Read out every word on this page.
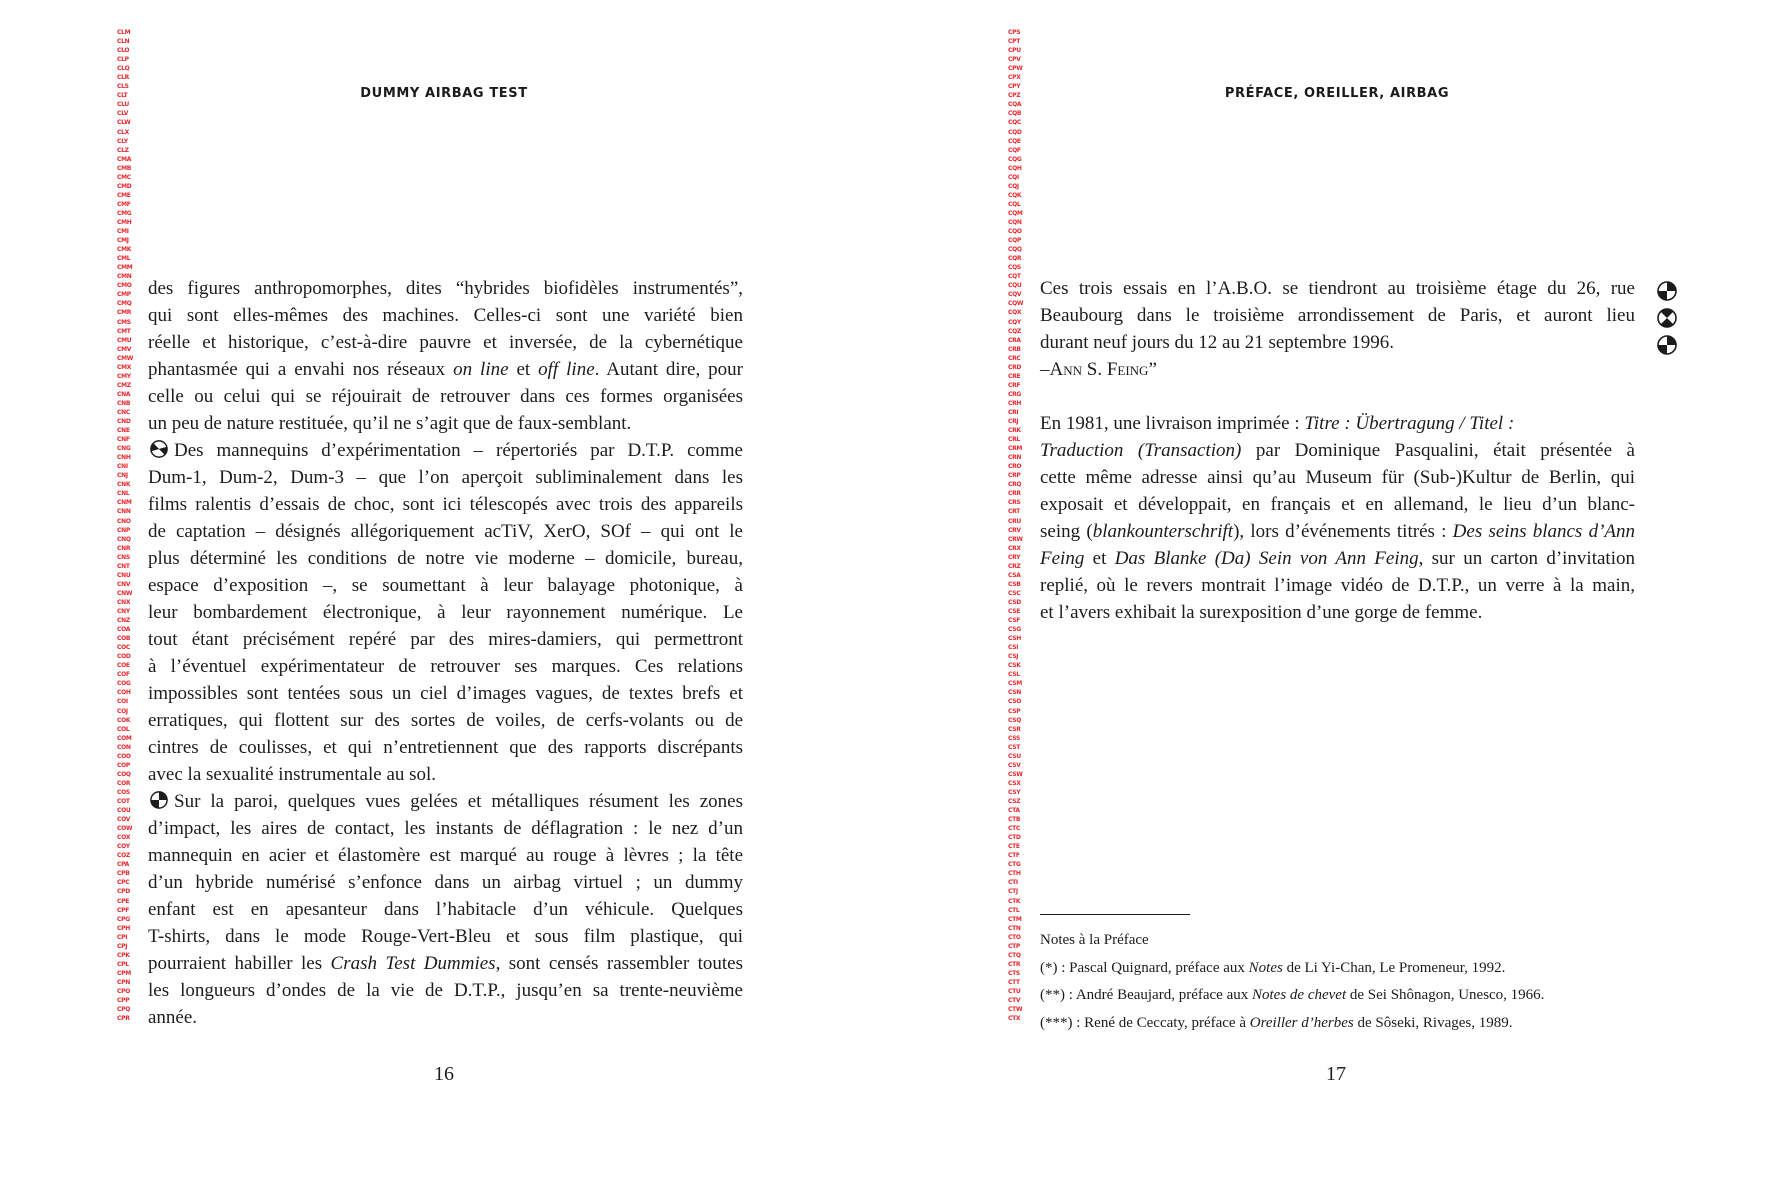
CLM
CLN
CLO
CLP
CLQ
CLR
CLS
CLT
CLU
CLV
CLW
CLX
CLY
CLZ
CMA
CMB
CMC
CMD
CME
CMF
CMG
CMH
CMI
CMJ
CMK
CML
CMM
CMN
CMO
CMP
CMQ
CMR
CMS
CMT
CMU
CMV
CMW
CMX
CMY
CMZ
CNA
CNB
CNC
CND
CNE
CNF
CNG
CNH
CNI
CNJ
CNK
CNL
CNM
CNN
CNO
CNP
CNQ
CNR
CNS
CNT
CNU
CNV
CNW
CNX
CNY
CNZ
COA
COB
COC
COD
COE
COF
COG
COH
COI
COJ
COK
COL
COM
CON
COO
COP
COQ
COR
COS
COT
COU
COV
COW
COX
COY
COZ
CPA
CPB
CPC
CPD
CPE
CPF
CPG
CPH
CPI
CPJ
CPK
CPL
CPM
CPN
CPO
CPP
CPQ
CPR
DUMMY AIRBAG TEST
des figures anthropomorphes, dites “hybrides biofidèles instrumentés”,
qui sont elles-mêmes des machines. Celles-ci sont une variété bien
réelle et historique, c’est-à-dire pauvre et inversée, de la cybernétique
phantasmée qui a envahi nos réseaux on line et off line. Autant dire, pour
celle ou celui qui se réjouirait de retrouver dans ces formes organisées
un peu de nature restituée, qu’il ne s’agit que de faux-semblant.
Des mannequins d’expérimentation – répertoriés par D.T.P. comme
Dum-1, Dum-2, Dum-3 – que l’on aperçoit subliminalement dans les
films ralentis d’essais de choc, sont ici télescopés avec trois des appareils
de captation – désignés allégoriquement acTiV, XerO, SOf – qui ont le
plus déterminé les conditions de notre vie moderne – domicile, bureau,
espace d’exposition –, se soumettant à leur balayage photonique, à
leur bombardement électronique, à leur rayonnement numérique. Le
tout étant précisément repéré par des mires-damiers, qui permettront
à l’éventuel expérimentateur de retrouver ses marques. Ces relations
impossibles sont tentées sous un ciel d’images vagues, de textes brefs et
erratiques, qui flottent sur des sortes de voiles, de cerfs-volants ou de
cintres de coulisses, et qui n’entretiennent que des rapports discrépants
avec la sexualité instrumentale au sol.
Sur la paroi, quelques vues gelées et métalliques résument les zones
d’impact, les aires de contact, les instants de déflagration : le nez d’un
mannequin en acier et élastomère est marqué au rouge à lèvres ; la tête
d’un hybride numérisé s’enfonce dans un airbag virtuel ; un dummy
enfant est en apesanteur dans l’habitacle d’un véhicule. Quelques
T-shirts, dans le mode Rouge-Vert-Bleu et sous film plastique, qui
pourraient habiller les Crash Test Dummies, sont censés rassembler toutes
les longueurs d’ondes de la vie de D.T.P., jusqu’en sa trente-neuvième
année.
16
CPS
CPT
CPU
CPV
CPW
CPX
CPY
CPZ
CQA
CQB
CQC
CQD
CQE
CQF
CQG
CQH
CQI
CQJ
CQK
CQL
CQM
CQN
CQO
CQP
CQQ
CQR
CQS
CQT
CQU
CQV
CQW
CQX
CQY
CQZ
CRA
CRB
CRC
CRD
CRE
CRF
CRG
CRH
CRI
CRJ
CRK
CRL
CRM
CRN
CRO
CRP
CRQ
CRR
CRS
CRT
CRU
CRV
CRW
CRX
CRY
CRZ
CSA
CSB
CSC
CSD
CSE
CSF
CSG
CSH
CSI
CSJ
CSK
CSL
CSM
CSN
CSO
CSP
CSQ
CSR
CSS
CST
CSU
CSV
CSW
CSX
CSY
CSZ
CTA
CTB
CTC
CTD
CTE
CTF
CTG
CTH
CTI
CTJ
CTK
CTL
CTM
CTN
CTO
CTP
CTQ
CTR
CTS
CTT
CTU
CTV
CTW
CTX
PRÉFACE, OREILLER, AIRBAG
Ces trois essais en l’A.B.O. se tiendront au troisième étage du 26, rue
Beaubourg dans le troisième arrondissement de Paris, et auront lieu
durant neuf jours du 12 au 21 septembre 1996.
–Ann S. Feing”
En 1981, une livraison imprimée : Titre : Übertragung / Titel :
Traduction (Transaction) par Dominique Pasqualini, était présentée à
cette même adresse ainsi qu’au Museum für (Sub-)Kultur de Berlin, qui
exposait et développait, en français et en allemand, le lieu d’un blanc-
seing (blankounterschrift), lors d’événements titrés : Des seins blancs d’Ann
Feing et Das Blanke (Da) Sein von Ann Feing, sur un carton d’invitation
replié, où le revers montrait l’image vidéo de D.T.P., un verre à la main,
et l’avers exhibait la surexposition d’une gorge de femme.
Notes à la Préface
(*) : Pascal Quignard, préface aux Notes de Li Yi-Chan, Le Promeneur, 1992.
(**) : André Beaujard, préface aux Notes de chevet de Sei Shônagon, Unesco, 1966.
(***) : René de Ceccaty, préface à Oreiller d’herbes de Sôseki, Rivages, 1989.
17
